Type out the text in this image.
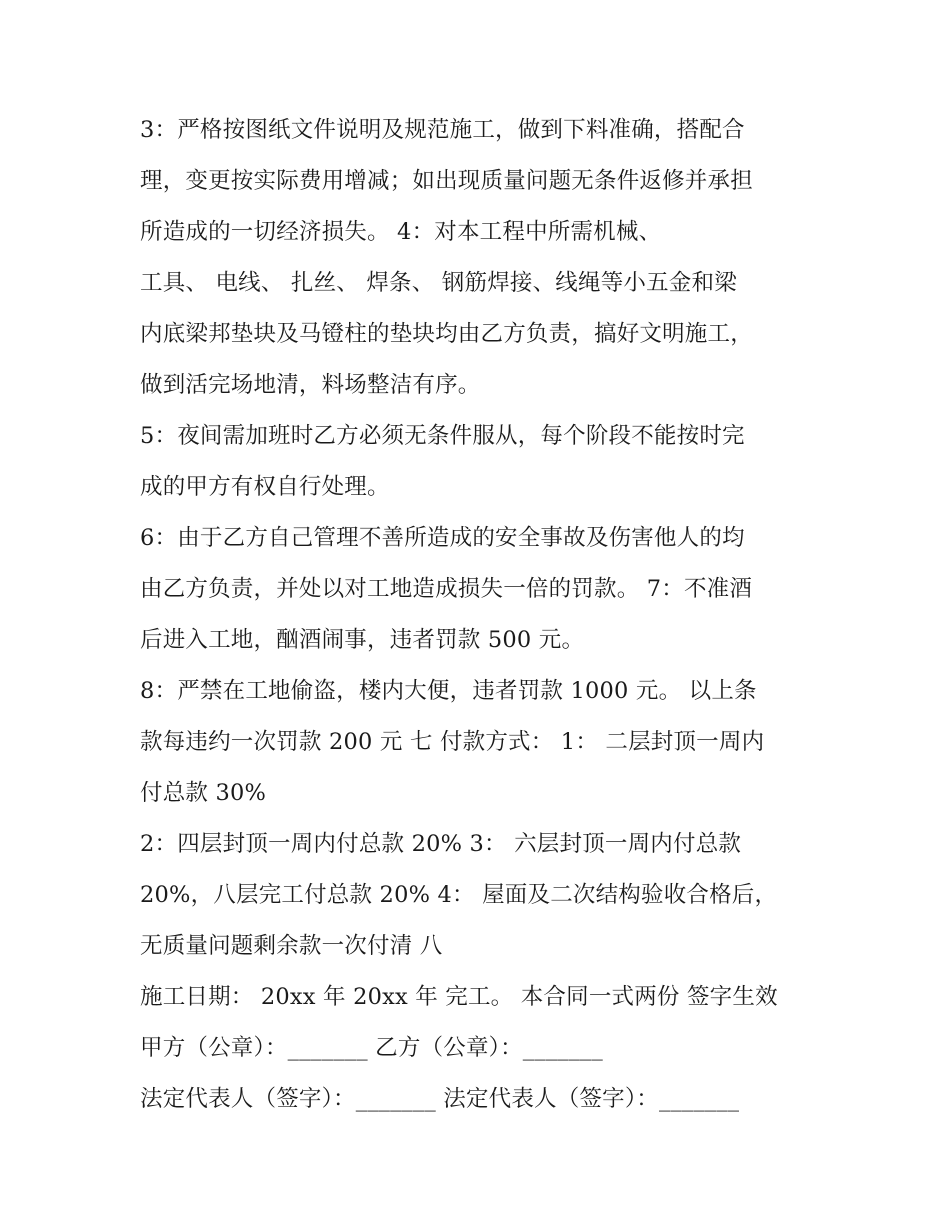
3：严格按图纸文件说明及规范施工，做到下料准确，搭配合
理，变更按实际费用增减；如出现质量问题无条件返修并承担
所造成的一切经济损失。 4：对本工程中所需机械、
工具、 电线、 扎丝、 焊条、 钢筋焊接、线绳等小五金和梁
内底梁邦垫块及马镫柱的垫块均由乙方负责，搞好文明施工，
做到活完场地清，料场整洁有序。
5：夜间需加班时乙方必须无条件服从，每个阶段不能按时完
成的甲方有权自行处理。
6：由于乙方自己管理不善所造成的安全事故及伤害他人的均
由乙方负责，并处以对工地造成损失一倍的罚款。 7：不准酒
后进入工地，酗酒闹事，违者罚款 500 元。
8：严禁在工地偷盗，楼内大便，违者罚款 1000 元。 以上条
款每违约一次罚款 200 元 七 付款方式： 1： 二层封顶一周内
付总款 30%
2：四层封顶一周内付总款 20% 3： 六层封顶一周内付总款
20%，八层完工付总款 20% 4： 屋面及二次结构验收合格后，
无质量问题剩余款一次付清 八
施工日期： 20xx 年 20xx 年 完工。 本合同一式两份 签字生效
甲方（公章）：_______ 乙方（公章）：_______
法定代表人（签字）：_______ 法定代表人（签字）：_______
